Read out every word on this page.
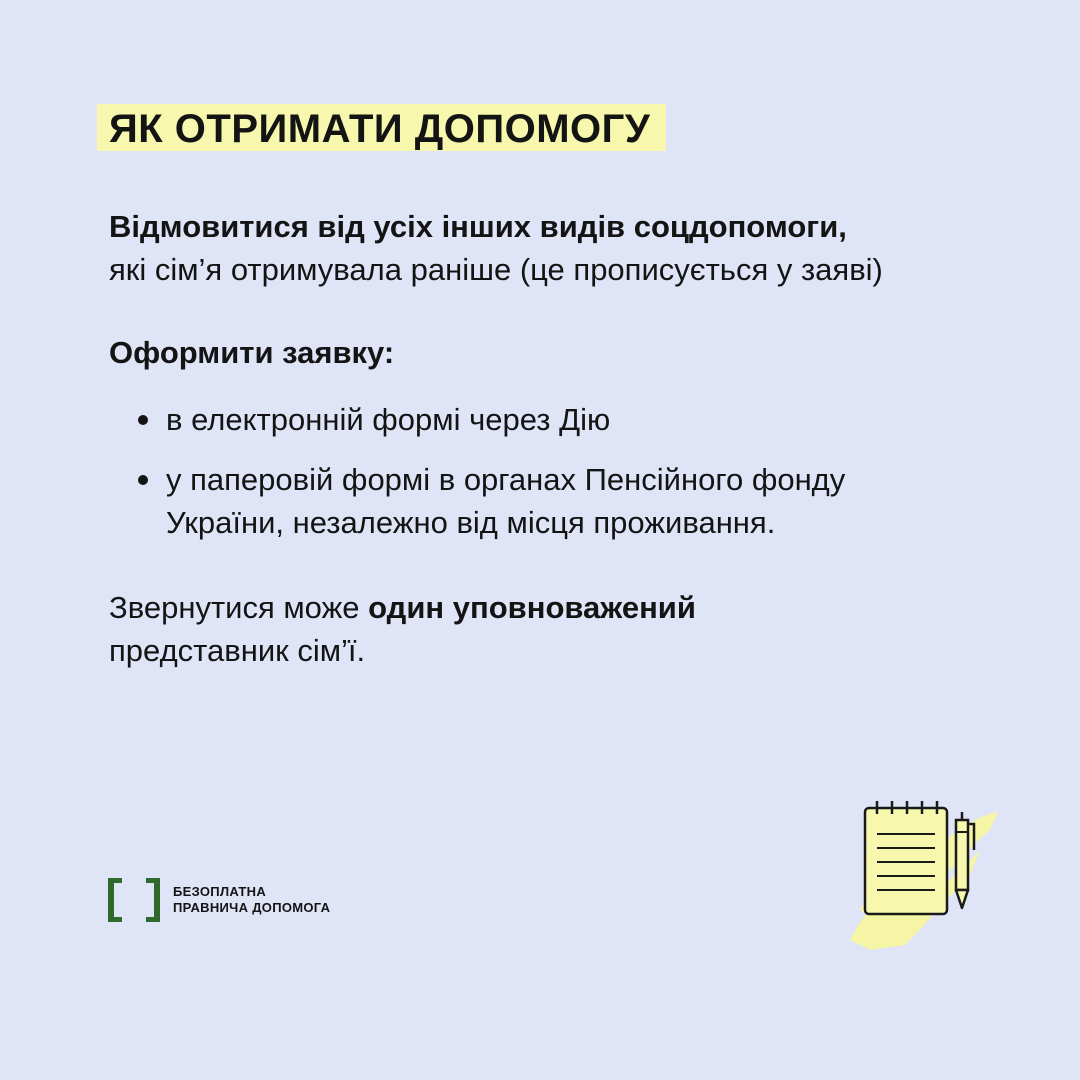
ЯК ОТРИМАТИ ДОПОМОГУ
Відмовитися від усіх інших видів соцдопомоги,
які сім’я отримувала раніше (це прописується у заяві)
Оформити заявку:
в електронній формі через Дію
у паперовій формі в органах Пенсійного фонду
України, незалежно від місця проживання.
Звернутися може один уповноважений
представник сім’ї.
БЕЗОПЛАТНА
ПРАВНИЧА ДОПОМОГА
